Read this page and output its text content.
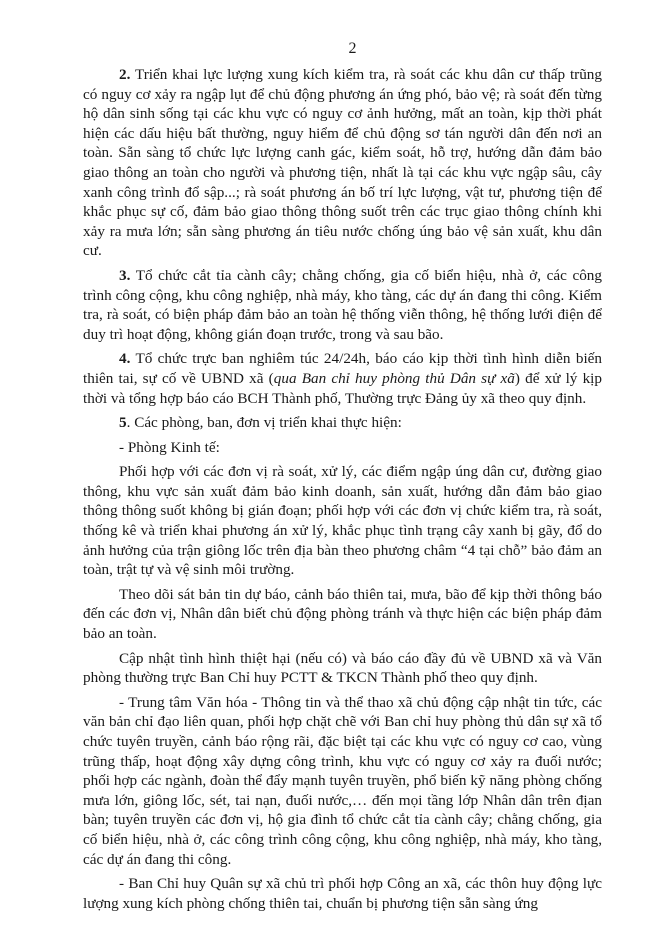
2

2. Triển khai lực lượng xung kích kiểm tra, rà soát các khu dân cư thấp trũng có nguy cơ xảy ra ngập lụt để chủ động phương án ứng phó, bảo vệ; rà soát đến từng hộ dân sinh sống tại các khu vực có nguy cơ ảnh hưởng, mất an toàn, kịp thời phát hiện các dấu hiệu bất thường, nguy hiểm để chủ động sơ tán người dân đến nơi an toàn. Sẵn sàng tổ chức lực lượng canh gác, kiểm soát, hỗ trợ, hướng dẫn đảm bảo giao thông an toàn cho người và phương tiện, nhất là tại các khu vực ngập sâu, cây xanh công trình đổ sập...; rà soát phương án bố trí lực lượng, vật tư, phương tiện để khắc phục sự cố, đảm bảo giao thông thông suốt trên các trục giao thông chính khi xảy ra mưa lớn; sẵn sàng phương án tiêu nước chống úng bảo vệ sản xuất, khu dân cư.

3. Tổ chức cắt tỉa cành cây; chằng chống, gia cố biển hiệu, nhà ở, các công trình công cộng, khu công nghiệp, nhà máy, kho tàng, các dự án đang thi công. Kiểm tra, rà soát, có biện pháp đảm bảo an toàn hệ thống viễn thông, hệ thống lưới điện để duy trì hoạt động, không gián đoạn trước, trong và sau bão.

4. Tổ chức trực ban nghiêm túc 24/24h, báo cáo kịp thời tình hình diễn biến thiên tai, sự cố về UBND xã (qua Ban chỉ huy phòng thủ Dân sự xã) để xử lý kịp thời và tổng hợp báo cáo BCH Thành phố, Thường trực Đảng ủy xã theo quy định.

5. Các phòng, ban, đơn vị triển khai thực hiện:

- Phòng Kinh tế:

Phối hợp với các đơn vị rà soát, xử lý, các điểm ngập úng dân cư, đường giao thông, khu vực sản xuất đảm bảo kinh doanh, sản xuất, hướng dẫn đảm bảo giao thông thông suốt không bị gián đoạn; phối hợp với các đơn vị chức kiểm tra, rà soát, thống kê và triển khai phương án xử lý, khắc phục tình trạng cây xanh bị gãy, đổ do ảnh hưởng của trận giông lốc trên địa bàn theo phương châm “4 tại chỗ” bảo đảm an toàn, trật tự và vệ sinh môi trường.

Theo dõi sát bản tin dự báo, cảnh báo thiên tai, mưa, bão để kịp thời thông báo đến các đơn vị, Nhân dân biết chủ động phòng tránh và thực hiện các biện pháp đảm bảo an toàn.

Cập nhật tình hình thiệt hại (nếu có) và báo cáo đầy đủ về UBND xã và Văn phòng thường trực Ban Chỉ huy PCTT & TKCN Thành phố theo quy định.

- Trung tâm Văn hóa - Thông tin và thể thao xã chủ động cập nhật tin tức, các văn bản chỉ đạo liên quan, phối hợp chặt chẽ với Ban chỉ huy phòng thủ dân sự xã tổ chức tuyên truyền, cảnh báo rộng rãi, đặc biệt tại các khu vực có nguy cơ cao, vùng trũng thấp, hoạt động xây dựng công trình, khu vực có nguy cơ xảy ra đuối nước; phối hợp các ngành, đoàn thể đẩy mạnh tuyên truyền, phổ biến kỹ năng phòng chống mưa lớn, giông lốc, sét, tai nạn, đuối nước,… đến mọi tầng lớp Nhân dân trên địan bàn; tuyên truyền các đơn vị, hộ gia đình tổ chức cắt tỉa cành cây; chằng chống, gia cố biển hiệu, nhà ở, các công trình công cộng, khu công nghiệp, nhà máy, kho tàng, các dự án đang thi công.

- Ban Chỉ huy Quân sự xã chủ trì phối hợp Công an xã, các thôn huy động lực lượng xung kích phòng chống thiên tai, chuẩn bị phương tiện sẵn sàng ứng
